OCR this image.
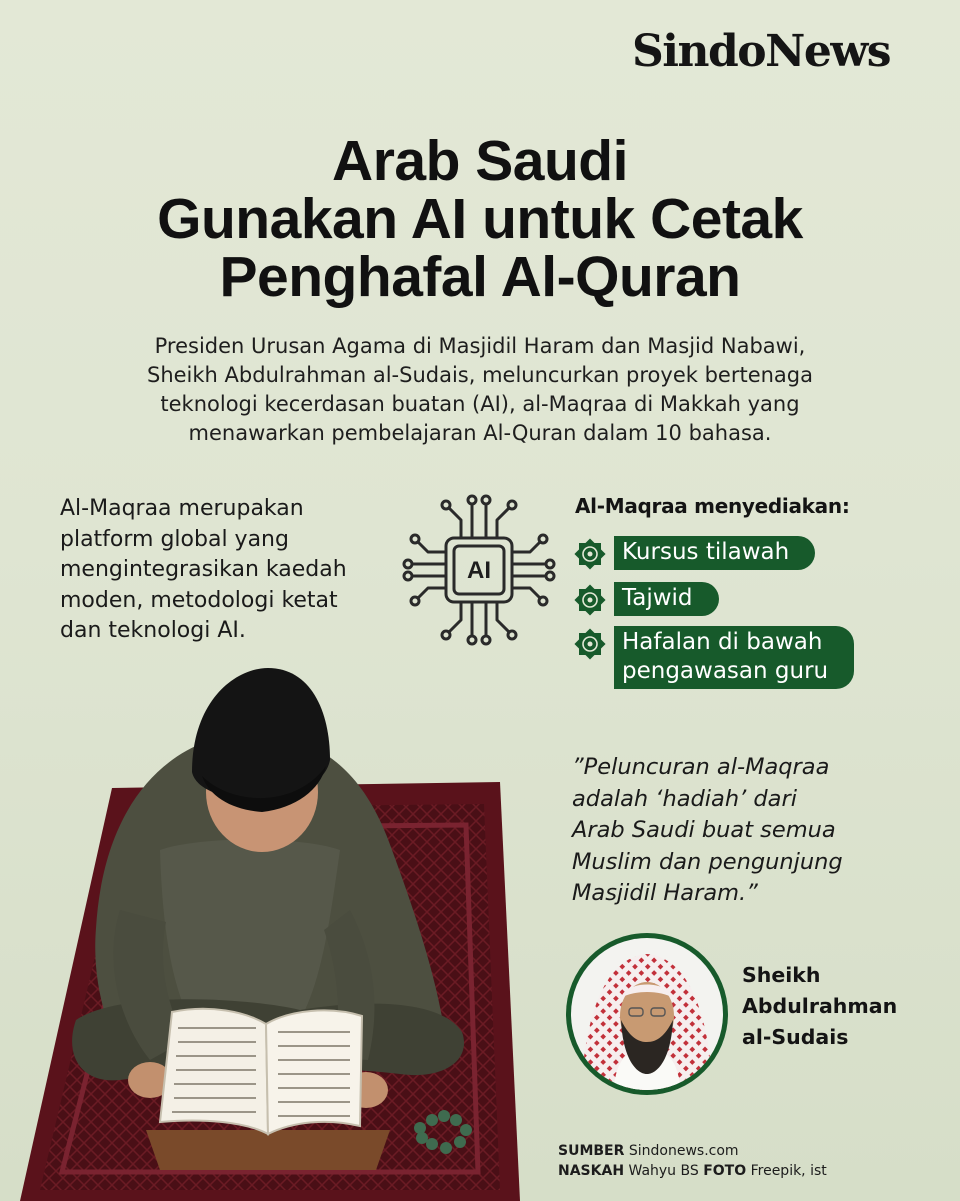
SindoNews
Arab Saudi
Gunakan AI untuk Cetak
Penghafal Al-Quran

Presiden Urusan Agama di Masjidil Haram dan Masjid Nabawi,
Sheikh Abdulrahman al-Sudais, meluncurkan proyek bertenaga
teknologi kecerdasan buatan (AI), al-Maqraa di Makkah yang
menawarkan pembelajaran Al-Quran dalam 10 bahasa.

Al-Maqraa merupakan
platform global yang
mengintegrasikan kaedah
moden, metodologi ketat
dan teknologi AI.

AI
Al-Maqraa menyediakan:
Kursus tilawah
Tajwid
Hafalan di bawah
pengawasan guru

”Peluncuran al-Maqraa
adalah ‘hadiah’ dari
Arab Saudi buat semua
Muslim dan pengunjung
Masjidil Haram.”

Sheikh
Abdulrahman
al-Sudais

SUMBER Sindonews.com
NASKAH Wahyu BS FOTO Freepik, ist
